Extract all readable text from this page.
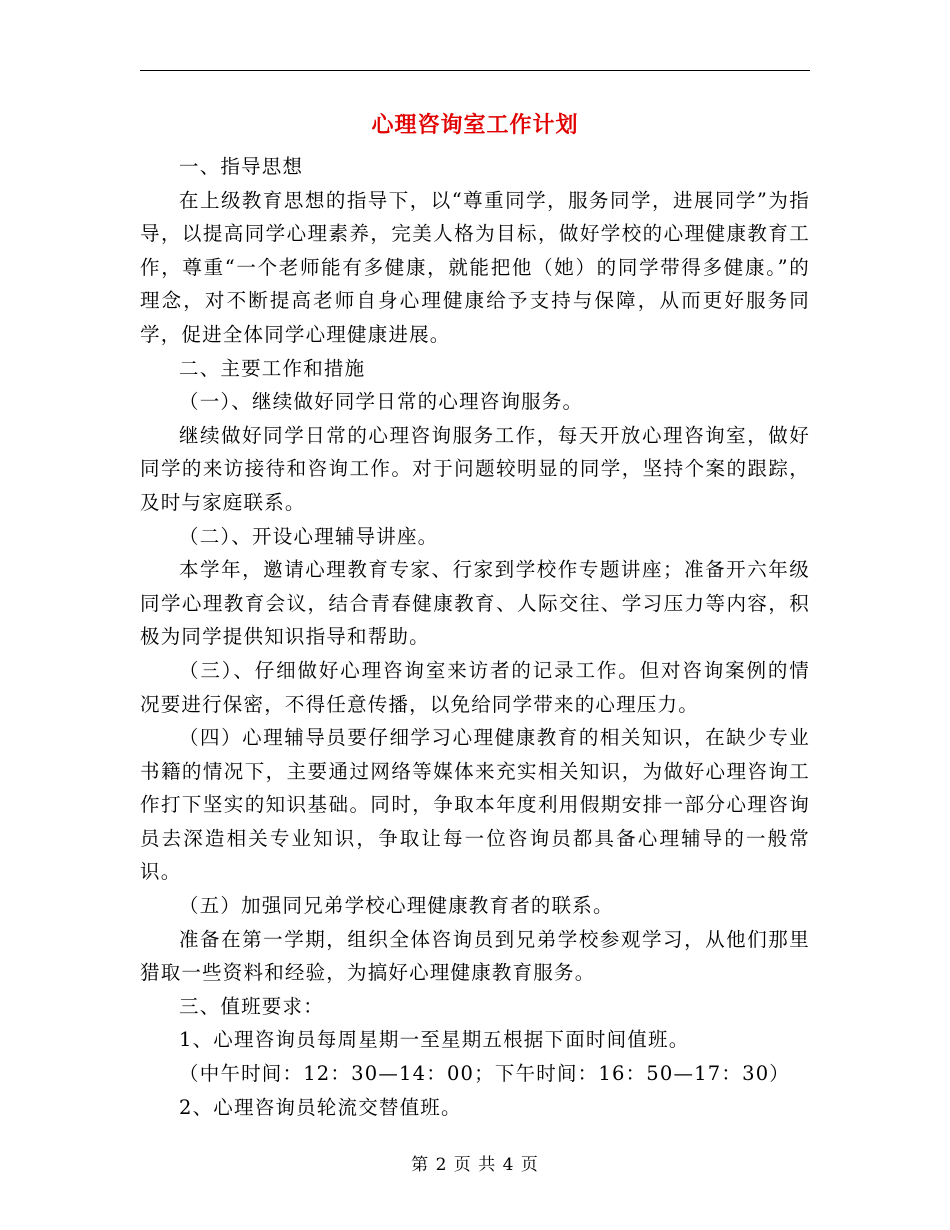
心理咨询室工作计划

一、指导思想

在上级教育思想的指导下，以“尊重同学，服务同学，进展同学”为指导，以提高同学心理素养，完美人格为目标，做好学校的心理健康教育工作，尊重“一个老师能有多健康，就能把他（她）的同学带得多健康。”的理念，对不断提高老师自身心理健康给予支持与保障，从而更好服务同学，促进全体同学心理健康进展。

二、主要工作和措施

（一）、继续做好同学日常的心理咨询服务。

继续做好同学日常的心理咨询服务工作，每天开放心理咨询室，做好同学的来访接待和咨询工作。对于问题较明显的同学，坚持个案的跟踪，及时与家庭联系。

（二）、开设心理辅导讲座。

本学年，邀请心理教育专家、行家到学校作专题讲座；准备开六年级同学心理教育会议，结合青春健康教育、人际交往、学习压力等内容，积极为同学提供知识指导和帮助。

（三）、仔细做好心理咨询室来访者的记录工作。但对咨询案例的情况要进行保密，不得任意传播，以免给同学带来的心理压力。

（四）心理辅导员要仔细学习心理健康教育的相关知识，在缺少专业书籍的情况下，主要通过网络等媒体来充实相关知识，为做好心理咨询工作打下坚实的知识基础。同时，争取本年度利用假期安排一部分心理咨询员去深造相关专业知识，争取让每一位咨询员都具备心理辅导的一般常识。

（五）加强同兄弟学校心理健康教育者的联系。

准备在第一学期，组织全体咨询员到兄弟学校参观学习，从他们那里猎取一些资料和经验，为搞好心理健康教育服务。

三、值班要求：

1、心理咨询员每周星期一至星期五根据下面时间值班。

（中午时间：12：30—14：00；下午时间：16：50—17：30）

2、心理咨询员轮流交替值班。

第 2 页 共 4 页
